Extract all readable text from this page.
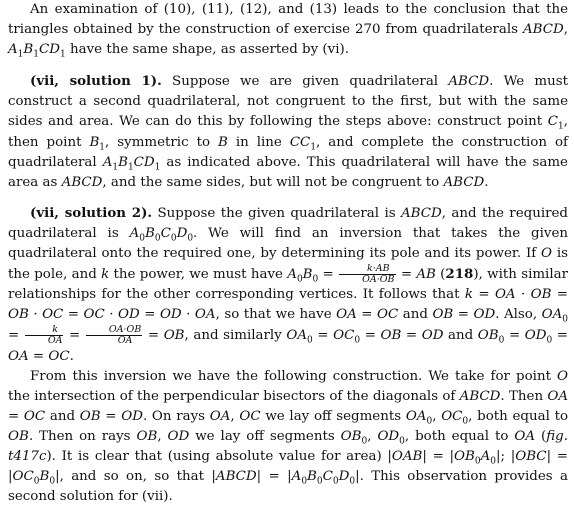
An examination of (10), (11), (12), and (13) leads to the conclusion that the triangles obtained by the construction of exercise 270 from quadrilaterals ABCD, $A_1B_1CD_1$ have the same shape, as asserted by (vi).

(vii, solution 1). Suppose we are given quadrilateral ABCD. We must construct a second quadrilateral, not congruent to the first, but with the same sides and area. We can do this by following the steps above: construct point $C_1$, then point $B_1$, symmetric to B in line $CC_1$, and complete the construction of quadrilateral $A_1B_1CD_1$ as indicated above. This quadrilateral will have the same area as ABCD, and the same sides, but will not be congruent to ABCD.

(vii, solution 2). Suppose the given quadrilateral is ABCD, and the required quadrilateral is $A_0B_0C_0D_0$. We will find an inversion that takes the given quadrilateral onto the required one, by determining its pole and its power. If O is the pole, and k the power, we must have $A_0B_0 = \frac{k\cdot AB}{OA\cdot OB}$ = AB (218), with similar relationships for the other corresponding vertices. It follows that k = OA · OB = OB · OC = OC · OD = OD · OA, so that we have OA = OC and OB = OD. Also, $OA_0 = \frac{k}{OA} = \frac{OA\cdot OB}{OA}$ = OB, and similarly $OA_0 = OC_0$ = OB = OD and $OB_0 = OD_0$ = OA = OC.

From this inversion we have the following construction. We take for point O the intersection of the perpendicular bisectors of the diagonals of ABCD. Then OA = OC and OB = OD. On rays OA, OC we lay off segments $OA_0$, $OC_0$, both equal to OB. Then on rays OB, OD we lay off segments $OB_0$, $OD_0$, both equal to OA (fig. t417c). It is clear that (using absolute value for area) $|OAB| = |OB_0A_0|$; $|OBC| = |OC_0B_0|$, and so on, so that |ABCD| = $|A_0B_0C_0D_0|$. This observation provides a second solution for (vii).
